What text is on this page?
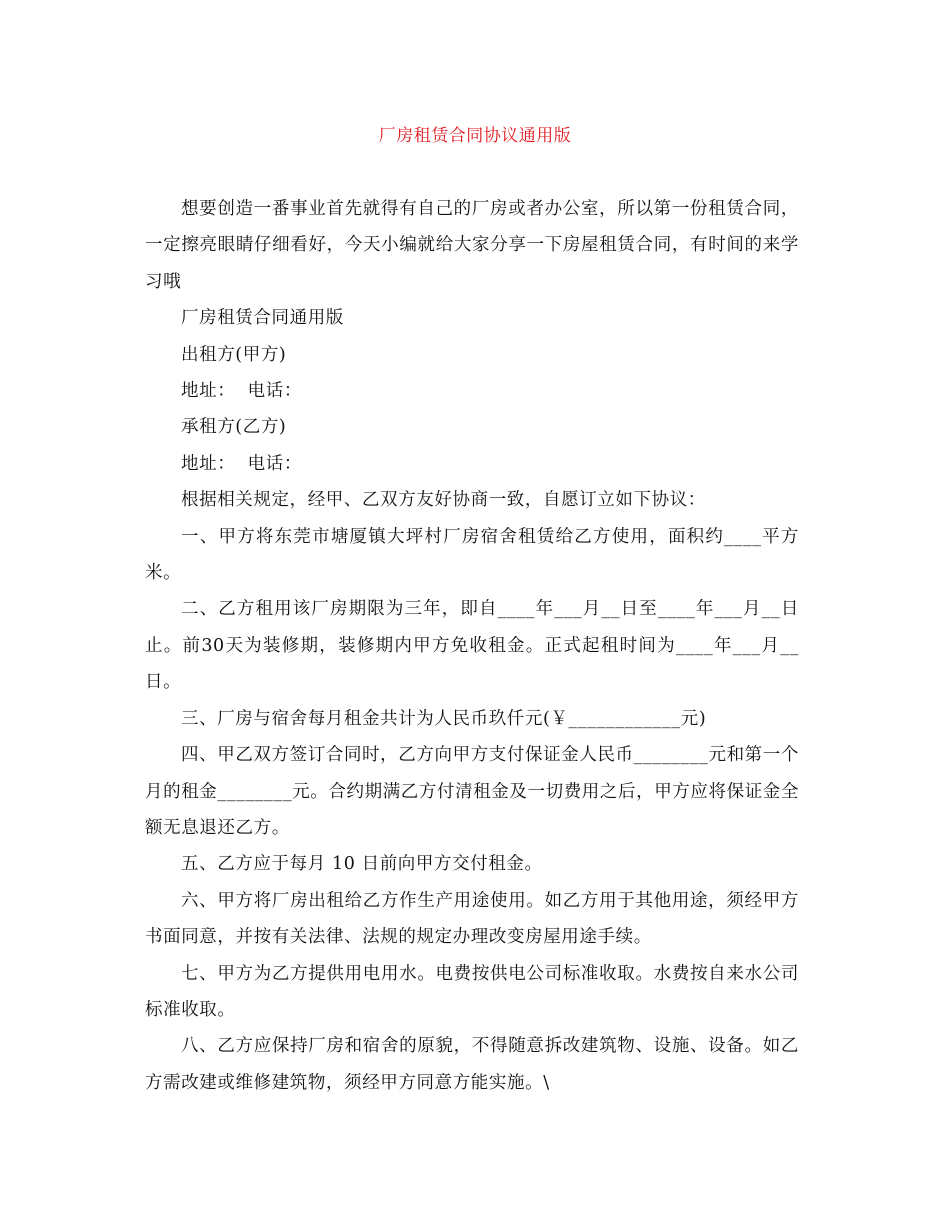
厂房租赁合同协议通用版

想要创造一番事业首先就得有自己的厂房或者办公室，所以第一份租赁合同，一定擦亮眼睛仔细看好，今天小编就给大家分享一下房屋租赁合同，有时间的来学习哦

厂房租赁合同通用版

出租方(甲方)

地址：  电话：

承租方(乙方)

地址：  电话：

根据相关规定，经甲、乙双方友好协商一致，自愿订立如下协议：

一、甲方将东莞市塘厦镇大坪村厂房宿舍租赁给乙方使用，面积约____平方米。

二、乙方租用该厂房期限为三年，即自____年___月__日至____年___月__日止。前30天为装修期，装修期内甲方免收租金。正式起租时间为____年___月__日。

三、厂房与宿舍每月租金共计为人民币玖仟元(￥____________元)

四、甲乙双方签订合同时，乙方向甲方支付保证金人民币________元和第一个月的租金________元。合约期满乙方付清租金及一切费用之后，甲方应将保证金全额无息退还乙方。

五、乙方应于每月 10 日前向甲方交付租金。

六、甲方将厂房出租给乙方作生产用途使用。如乙方用于其他用途，须经甲方书面同意，并按有关法律、法规的规定办理改变房屋用途手续。

七、甲方为乙方提供用电用水。电费按供电公司标准收取。水费按自来水公司标准收取。

八、乙方应保持厂房和宿舍的原貌，不得随意拆改建筑物、设施、设备。如乙方需改建或维修建筑物，须经甲方同意方能实施。\
